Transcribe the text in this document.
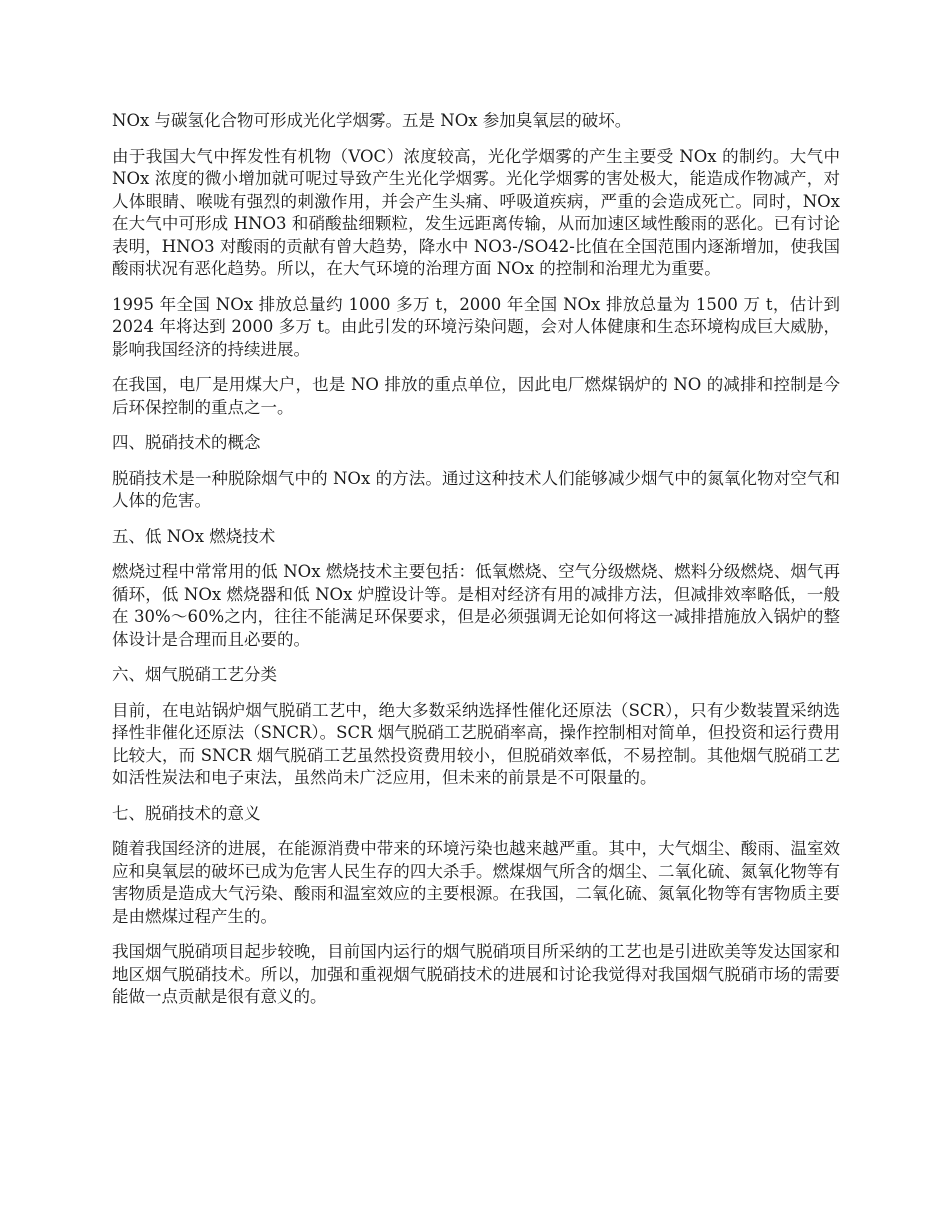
NOx 与碳氢化合物可形成光化学烟雾。五是 NOx 参加臭氧层的破坏。

由于我国大气中挥发性有机物（VOC）浓度较高，光化学烟雾的产生主要受 NOx 的制约。大气中 NOx 浓度的微小增加就可呢过导致产生光化学烟雾。光化学烟雾的害处极大，能造成作物减产，对人体眼睛、喉咙有强烈的刺激作用，并会产生头痛、呼吸道疾病，严重的会造成死亡。同时，NOx 在大气中可形成 HNO3 和硝酸盐细颗粒，发生远距离传输，从而加速区域性酸雨的恶化。已有讨论表明，HNO3 对酸雨的贡献有曾大趋势，降水中 NO3-/SO42-比值在全国范围内逐渐增加，使我国酸雨状况有恶化趋势。所以，在大气环境的治理方面 NOx 的控制和治理尤为重要。

1995 年全国 NOx 排放总量约 1000 多万 t，2000 年全国 NOx 排放总量为 1500 万 t，估计到 2024 年将达到 2000 多万 t。由此引发的环境污染问题，会对人体健康和生态环境构成巨大威胁，影响我国经济的持续进展。

在我国，电厂是用煤大户，也是 NO 排放的重点单位，因此电厂燃煤锅炉的 NO 的减排和控制是今后环保控制的重点之一。

四、脱硝技术的概念

脱硝技术是一种脱除烟气中的 NOx 的方法。通过这种技术人们能够减少烟气中的氮氧化物对空气和人体的危害。

五、低 NOx 燃烧技术

燃烧过程中常常用的低 NOx 燃烧技术主要包括：低氧燃烧、空气分级燃烧、燃料分级燃烧、烟气再循环，低 NOx 燃烧器和低 NOx 炉膛设计等。是相对经济有用的减排方法，但减排效率略低，一般在 30%～60%之内，往往不能满足环保要求，但是必须强调无论如何将这一减排措施放入锅炉的整体设计是合理而且必要的。

六、烟气脱硝工艺分类

目前，在电站锅炉烟气脱硝工艺中，绝大多数采纳选择性催化还原法（SCR），只有少数装置采纳选择性非催化还原法（SNCR）。SCR 烟气脱硝工艺脱硝率高，操作控制相对简单，但投资和运行费用比较大，而 SNCR 烟气脱硝工艺虽然投资费用较小，但脱硝效率低，不易控制。其他烟气脱硝工艺如活性炭法和电子束法，虽然尚未广泛应用，但未来的前景是不可限量的。

七、脱硝技术的意义

随着我国经济的进展，在能源消费中带来的环境污染也越来越严重。其中，大气烟尘、酸雨、温室效应和臭氧层的破坏已成为危害人民生存的四大杀手。燃煤烟气所含的烟尘、二氧化硫、氮氧化物等有害物质是造成大气污染、酸雨和温室效应的主要根源。在我国，二氧化硫、氮氧化物等有害物质主要是由燃煤过程产生的。

我国烟气脱硝项目起步较晚，目前国内运行的烟气脱硝项目所采纳的工艺也是引进欧美等发达国家和地区烟气脱硝技术。所以，加强和重视烟气脱硝技术的进展和讨论我觉得对我国烟气脱硝市场的需要能做一点贡献是很有意义的。
